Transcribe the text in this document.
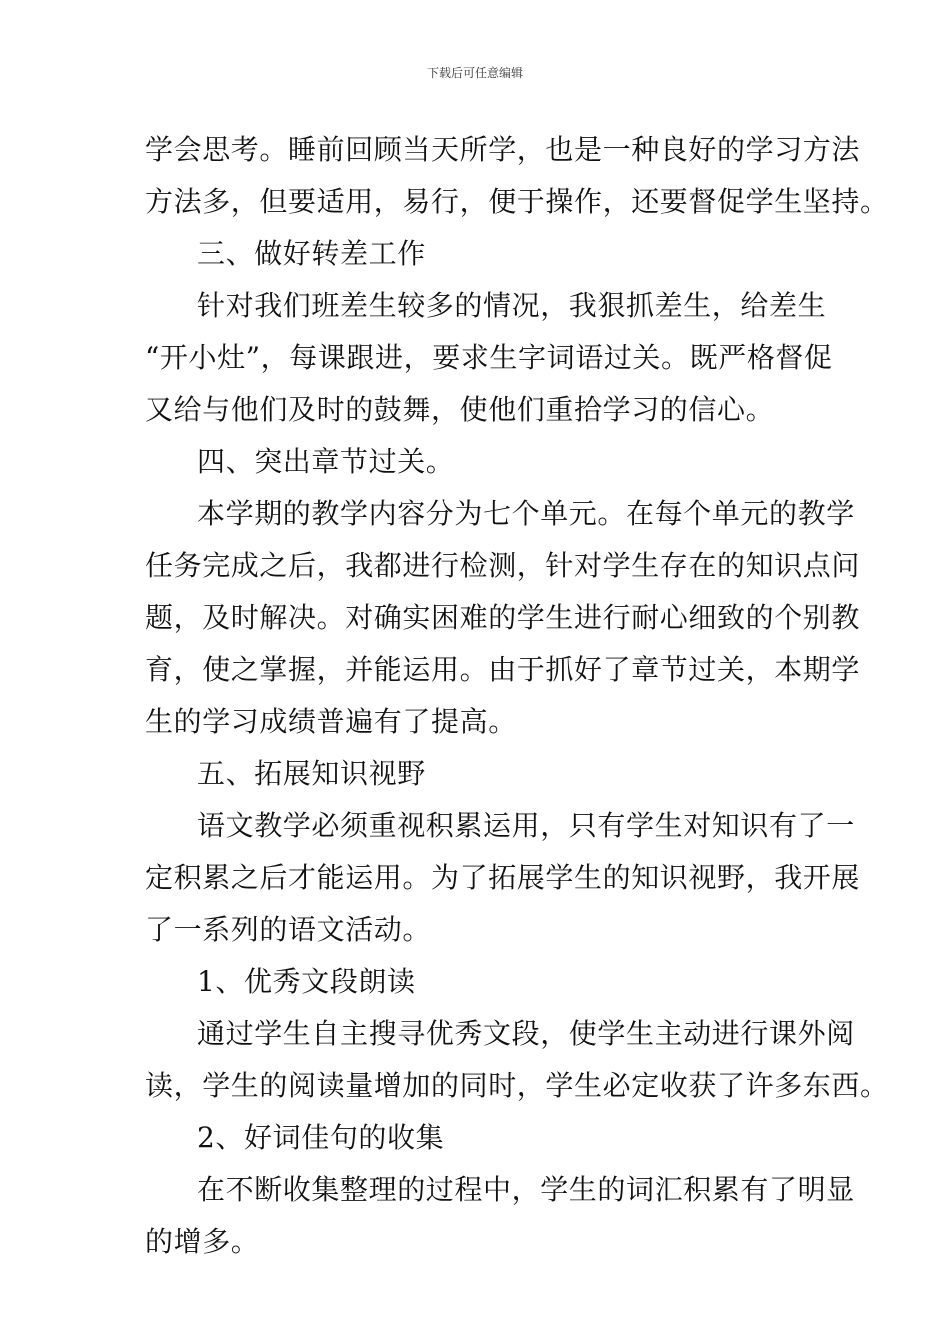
下载后可任意编辑
学会思考。睡前回顾当天所学，也是一种良好的学习方法
方法多，但要适用，易行，便于操作，还要督促学生坚持。
三、做好转差工作
针对我们班差生较多的情况，我狠抓差生，给差生
“开小灶”，每课跟进，要求生字词语过关。既严格督促
又给与他们及时的鼓舞，使他们重拾学习的信心。
四、突出章节过关。
本学期的教学内容分为七个单元。在每个单元的教学
任务完成之后，我都进行检测，针对学生存在的知识点问
题，及时解决。对确实困难的学生进行耐心细致的个别教
育，使之掌握，并能运用。由于抓好了章节过关，本期学
生的学习成绩普遍有了提高。
五、拓展知识视野
语文教学必须重视积累运用，只有学生对知识有了一
定积累之后才能运用。为了拓展学生的知识视野，我开展
了一系列的语文活动。
1、优秀文段朗读
通过学生自主搜寻优秀文段，使学生主动进行课外阅
读，学生的阅读量增加的同时，学生必定收获了许多东西。
2、好词佳句的收集
在不断收集整理的过程中，学生的词汇积累有了明显
的增多。
